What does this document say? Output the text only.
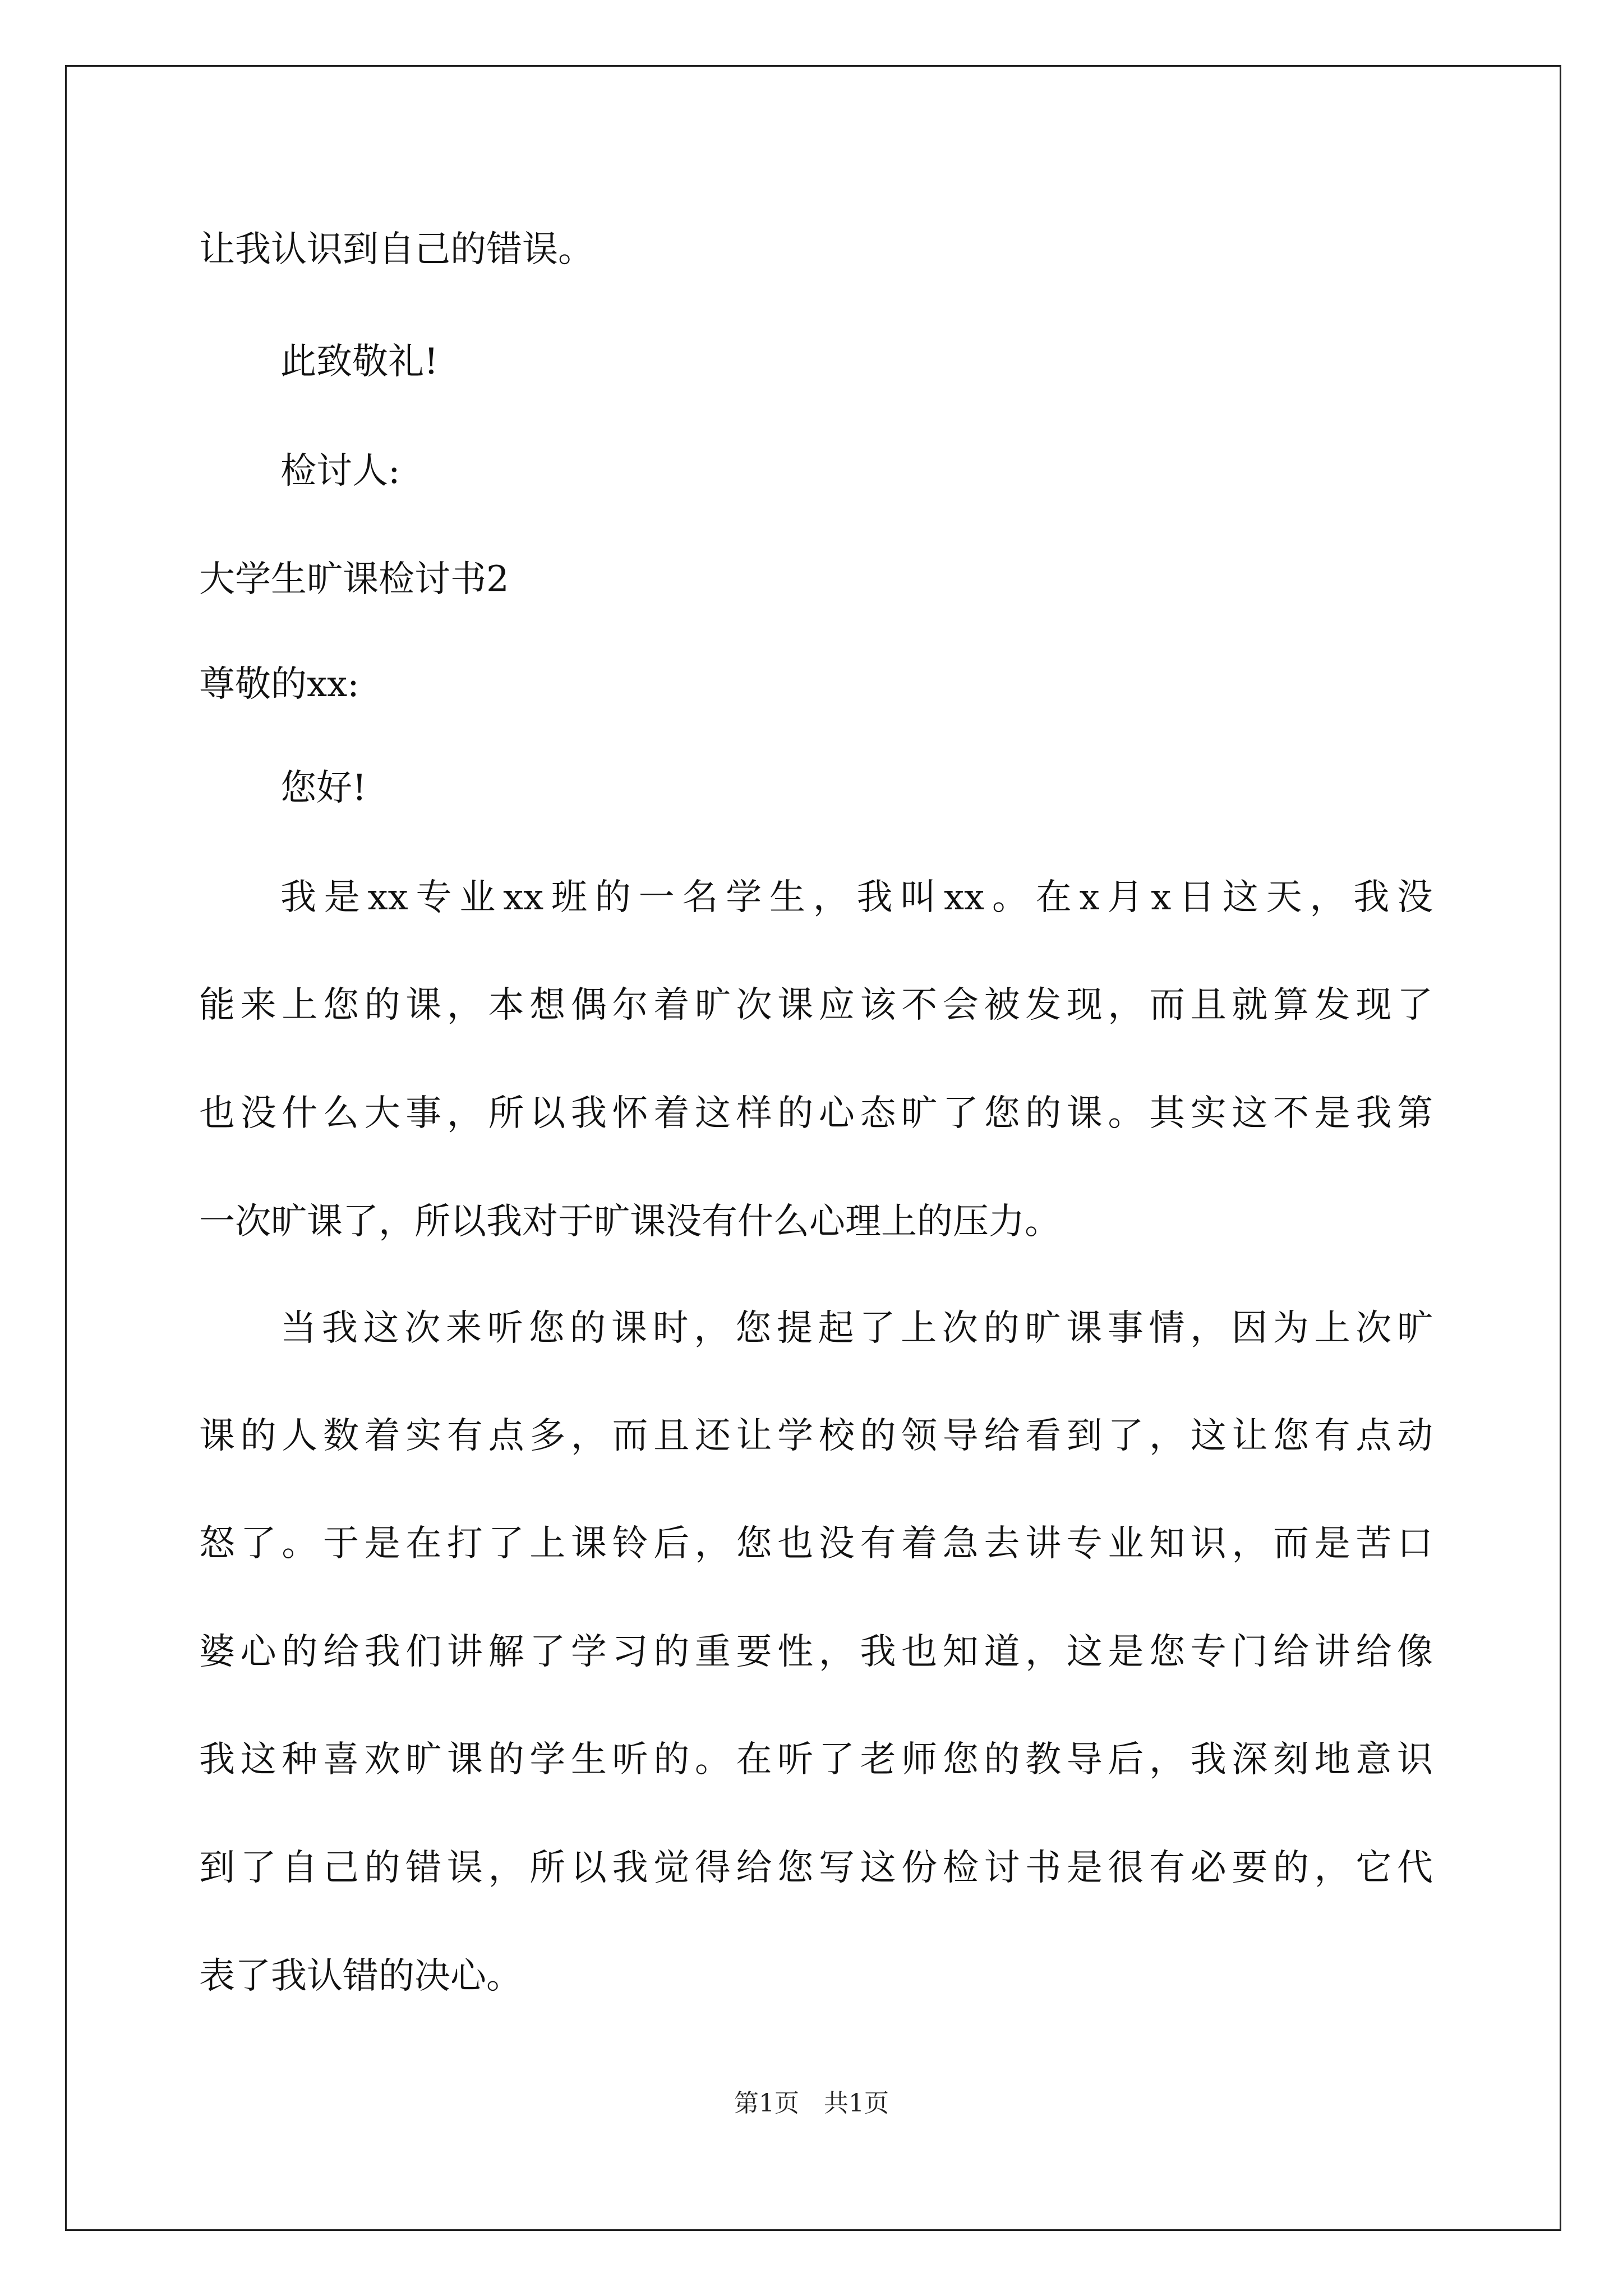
让我认识到自己的错误。
此致敬礼!
检讨人:
大学生旷课检讨书2
尊敬的xx:
您好!
我是xx专业xx班的一名学生，我叫xx。在x月x日这天，我没
能来上您的课，本想偶尔着旷次课应该不会被发现，而且就算发现了
也没什么大事，所以我怀着这样的心态旷了您的课。其实这不是我第
一次旷课了，所以我对于旷课没有什么心理上的压力。
当我这次来听您的课时，您提起了上次的旷课事情，因为上次旷
课的人数着实有点多，而且还让学校的领导给看到了，这让您有点动
怒了。于是在打了上课铃后，您也没有着急去讲专业知识，而是苦口
婆心的给我们讲解了学习的重要性，我也知道，这是您专门给讲给像
我这种喜欢旷课的学生听的。在听了老师您的教导后，我深刻地意识
到了自己的错误，所以我觉得给您写这份检讨书是很有必要的，它代
表了我认错的决心。
第1页 共1页
